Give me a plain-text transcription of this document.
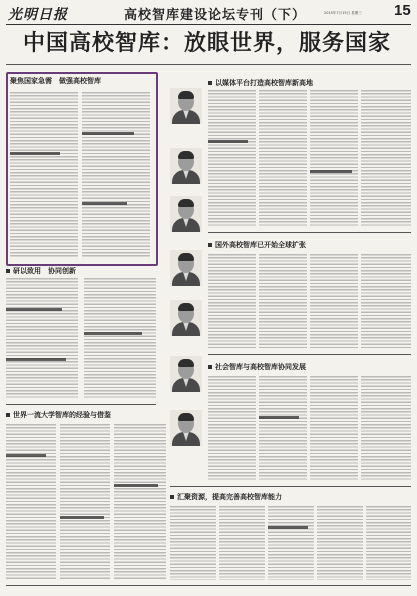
光明日报	高校智库建设论坛专刊（下）	2015年7月15日 星期三 15
中国高校智库：放眼世界，服务国家
聚焦国家急需　做强高校智库

	以媒体平台打造高校智库新高地
研以致用　协同创新
国外高校智库已开始全球扩张
社会智库与高校智库协同发展
世界一流大学智库的经验与借鉴
汇聚资源，提高完善高校智库能力
